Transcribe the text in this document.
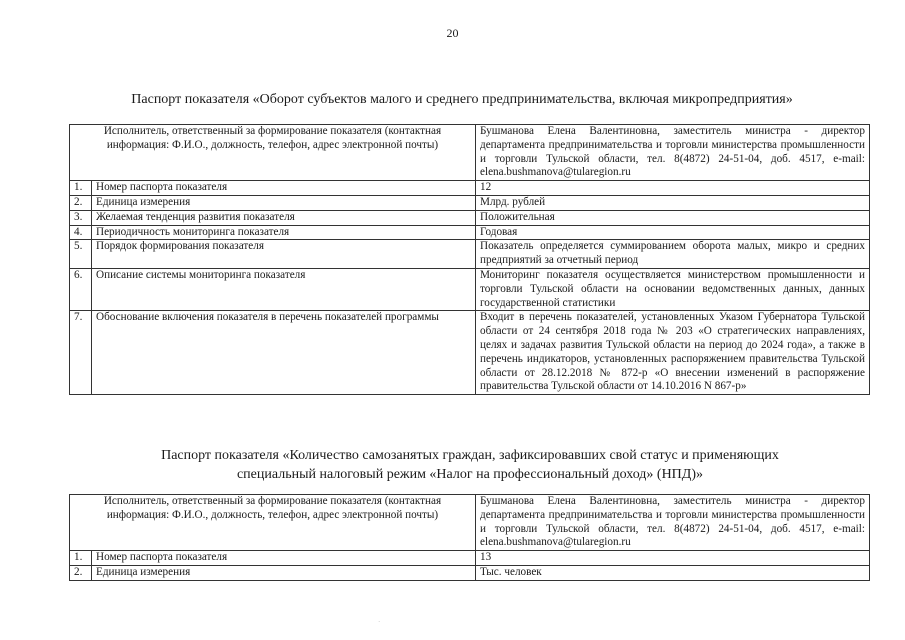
20
Паспорт показателя «Оборот субъектов малого и среднего предпринимательства, включая микропредприятия»
Исполнитель, ответственный за формирование показателя (контактная информация: Ф.И.О., должность, телефон, адрес электронной почты)		Бушманова Елена Валентиновна, заместитель министра - директор департамента предпринимательства и торговли министерства промышленности и торговли Тульской области, тел. 8(4872) 24-51-04, доб. 4517, e-mail: elena.bushmanova@tularegion.ru
1.	Номер паспорта показателя	12
2.	Единица измерения	Млрд. рублей
3.	Желаемая тенденция развития показателя	Положительная
4.	Периодичность мониторинга показателя	Годовая
5.	Порядок формирования показателя	Показатель определяется суммированием оборота малых, микро и средних предприятий за отчетный период
6.	Описание системы мониторинга показателя	Мониторинг показателя осуществляется министерством промышленности и торговли Тульской области на основании ведомственных данных, данных государственной статистики
7.	Обоснование включения показателя в перечень показателей программы	Входит в перечень показателей, установленных Указом Губернатора Тульской области от 24 сентября 2018 года № 203 «О стратегических направлениях, целях и задачах развития Тульской области на период до 2024 года», а также в перечень индикаторов, установленных распоряжением правительства Тульской области от 28.12.2018 № 872-р «О внесении изменений в распоряжение правительства Тульской области от 14.10.2016 N 867-р»
Паспорт показателя «Количество самозанятых граждан, зафиксировавших свой статус и применяющих
специальный налоговый режим «Налог на профессиональный доход» (НПД)»
Исполнитель, ответственный за формирование показателя (контактная информация: Ф.И.О., должность, телефон, адрес электронной почты)		Бушманова Елена Валентиновна, заместитель министра - директор департамента предпринимательства и торговли министерства промышленности и торговли Тульской области, тел. 8(4872) 24-51-04, доб. 4517, e-mail: elena.bushmanova@tularegion.ru
1.	Номер паспорта показателя	13
2.	Единица измерения	Тыс. человек
·
